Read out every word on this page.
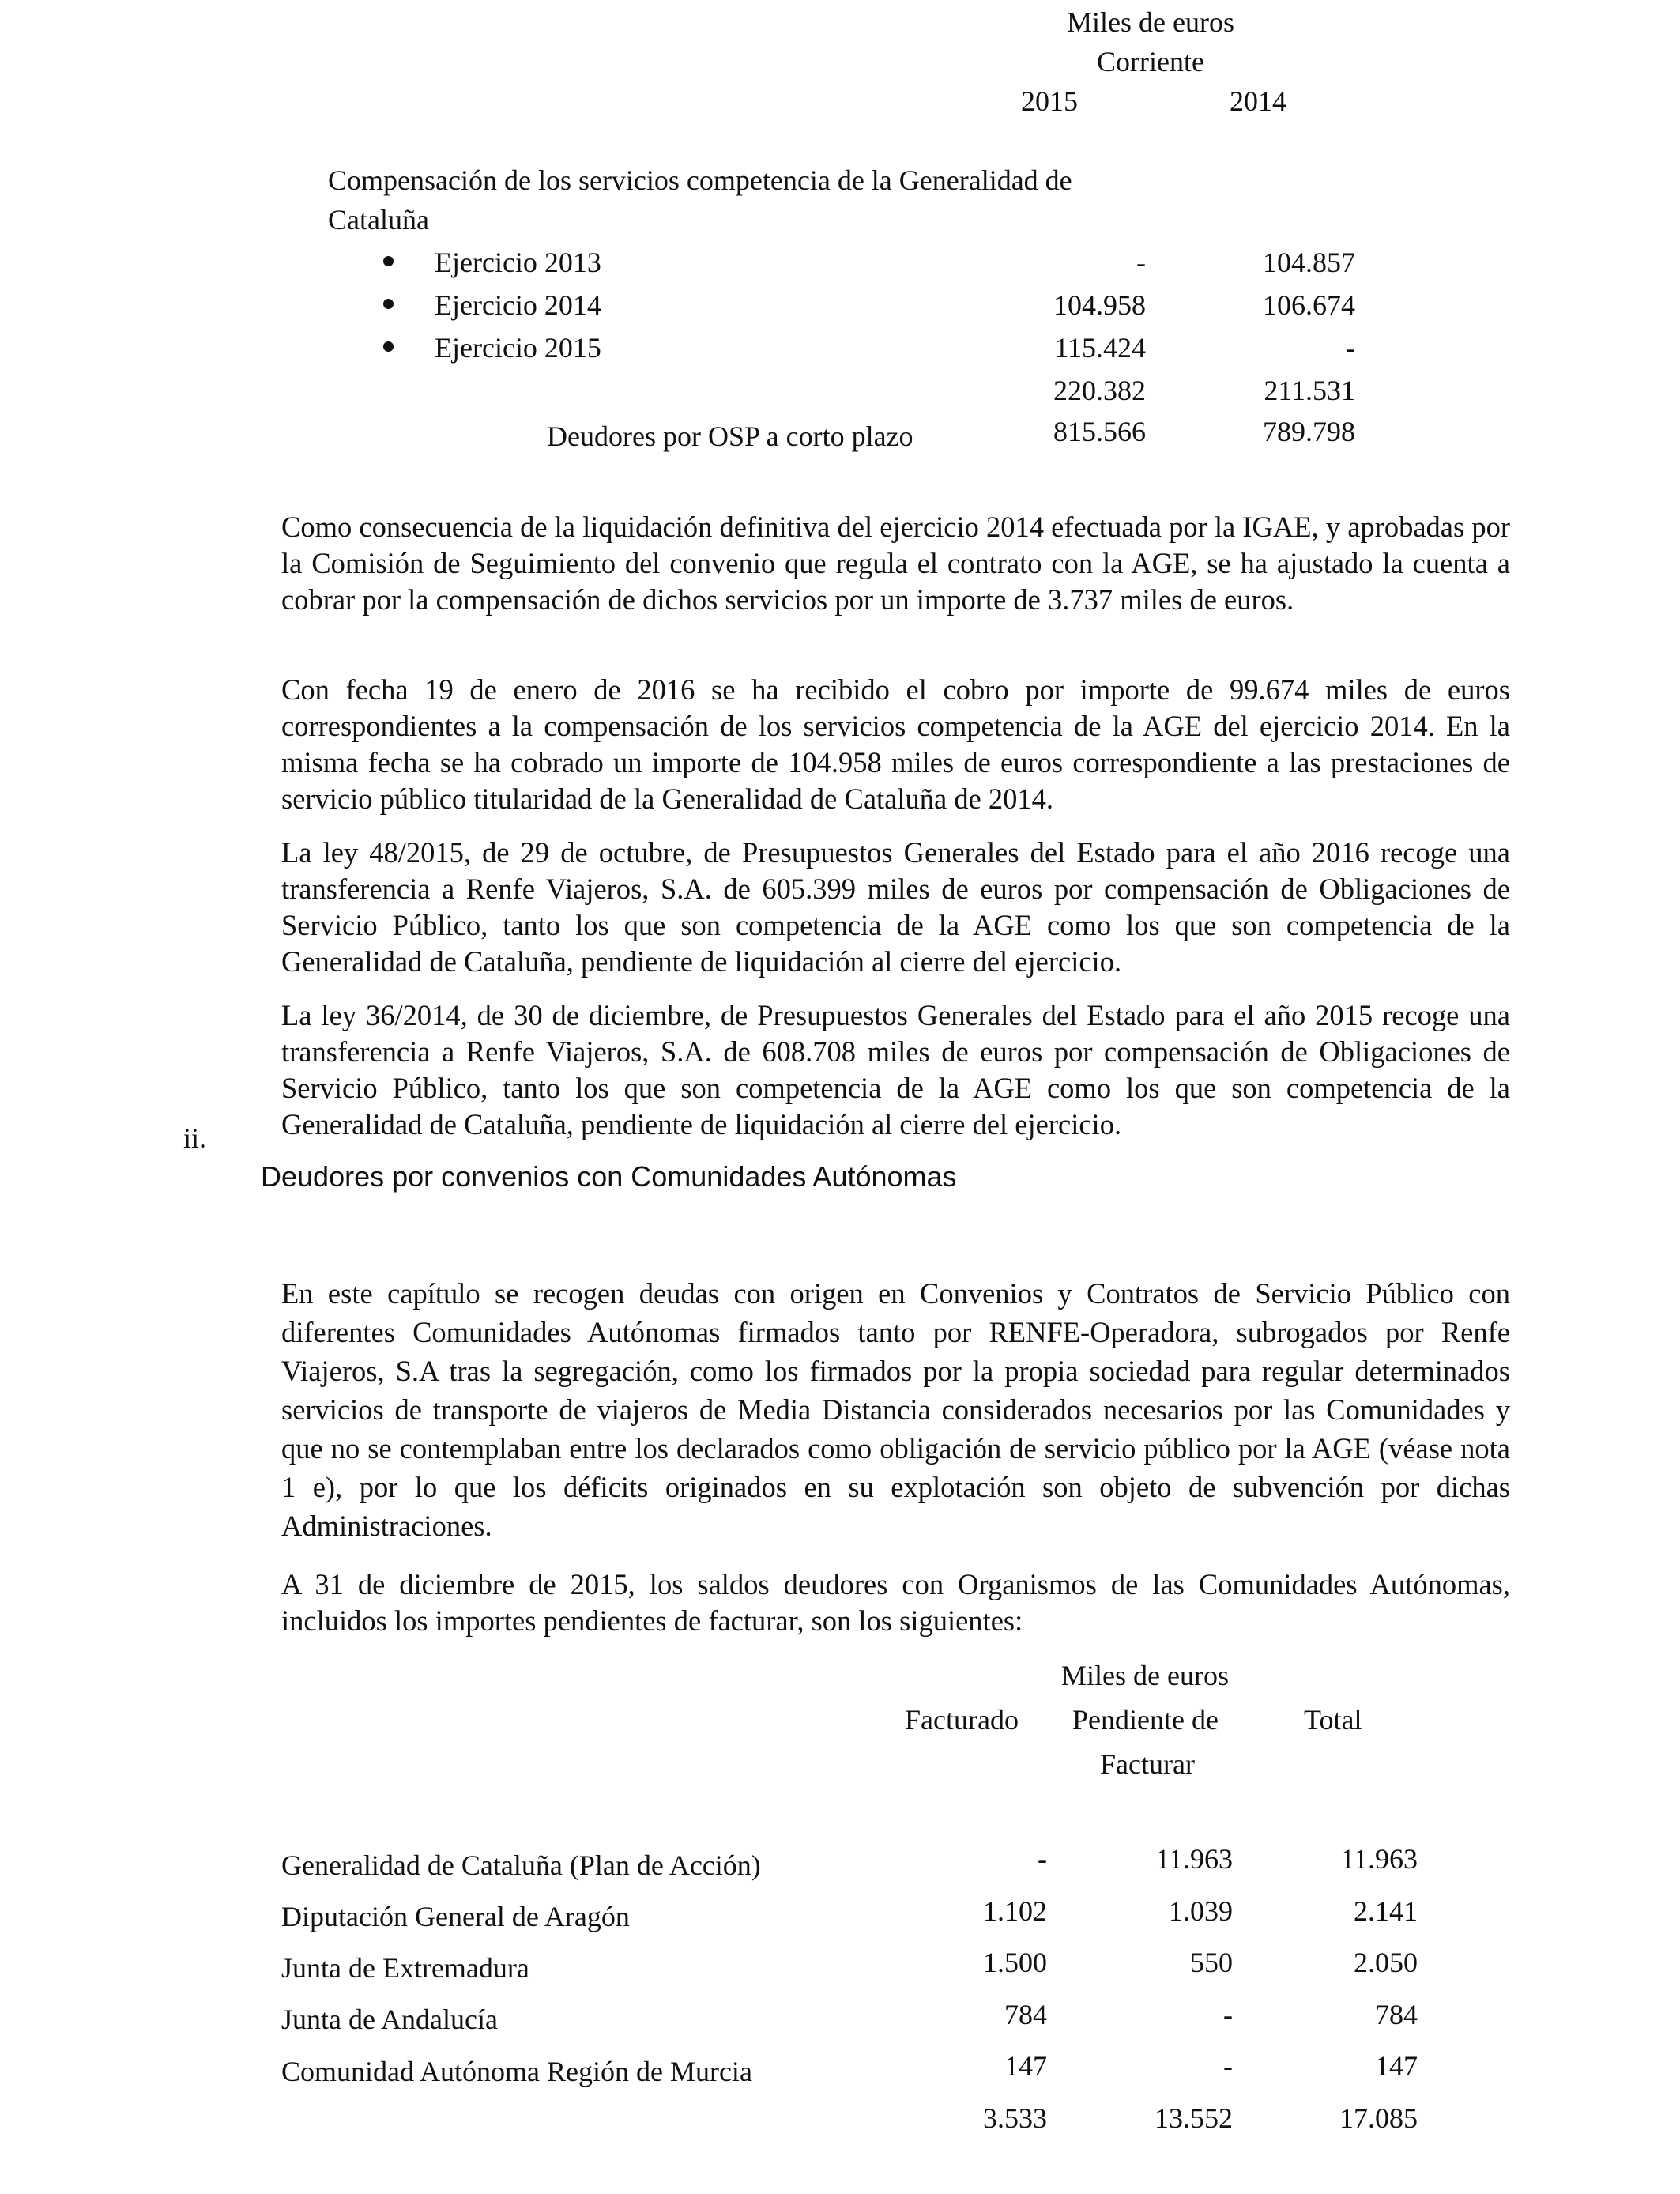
Miles de euros
Corriente
2015	2014
Compensación de los servicios competencia de la Generalidad de
Cataluña
Ejercicio 2013	-	104.857
Ejercicio 2014	104.958	106.674
Ejercicio 2015	115.424	-
220.382	211.531
Deudores por OSP a corto plazo	815.566	789.798
Como consecuencia de la liquidación definitiva del ejercicio 2014 efectuada por la IGAE, y aprobadas por la Comisión de Seguimiento del convenio que regula el contrato con la AGE, se ha ajustado la cuenta a cobrar por la compensación de dichos servicios por un importe de 3.737 miles de euros.
Con fecha 19 de enero de 2016 se ha recibido el cobro por importe de 99.674 miles de euros correspondientes a la compensación de los servicios competencia de la AGE del ejercicio 2014. En la misma fecha se ha cobrado un importe de 104.958 miles de euros correspondiente a las prestaciones de servicio público titularidad de la Generalidad de Cataluña de 2014.
La ley 48/2015, de 29 de octubre, de Presupuestos Generales del Estado para el año 2016 recoge una transferencia a Renfe Viajeros, S.A. de 605.399 miles de euros por compensación de Obligaciones de Servicio Público, tanto los que son competencia de la AGE como los que son competencia de la Generalidad de Cataluña, pendiente de liquidación al cierre del ejercicio.
La ley 36/2014, de 30 de diciembre, de Presupuestos Generales del Estado para el año 2015 recoge una transferencia a Renfe Viajeros, S.A. de 608.708 miles de euros por compensación de Obligaciones de Servicio Público, tanto los que son competencia de la AGE como los que son competencia de la Generalidad de Cataluña, pendiente de liquidación al cierre del ejercicio.
ii.
Deudores por convenios con Comunidades Autónomas
En este capítulo se recogen deudas con origen en Convenios y Contratos de Servicio Público con diferentes Comunidades Autónomas firmados tanto por RENFE-Operadora, subrogados por Renfe Viajeros, S.A tras la segregación, como los firmados por la propia sociedad para regular determinados servicios de transporte de viajeros de Media Distancia considerados necesarios por las Comunidades y que no se contemplaban entre los declarados como obligación de servicio público por la AGE (véase nota 1 e), por lo que los déficits originados en su explotación son objeto de subvención por dichas Administraciones.
A 31 de diciembre de 2015, los saldos deudores con Organismos de las Comunidades Autónomas, incluidos los importes pendientes de facturar, son los siguientes:
Miles de euros
Facturado Pendiente de
Facturar
Total
Generalidad de Cataluña (Plan de Acción)	-	11.963	11.963
Diputación General de Aragón	1.102	1.039	2.141
Junta de Extremadura	1.500	550	2.050
Junta de Andalucía	784	-	784
Comunidad Autónoma Región de Murcia	147	-	147
3.533	13.552	17.085
